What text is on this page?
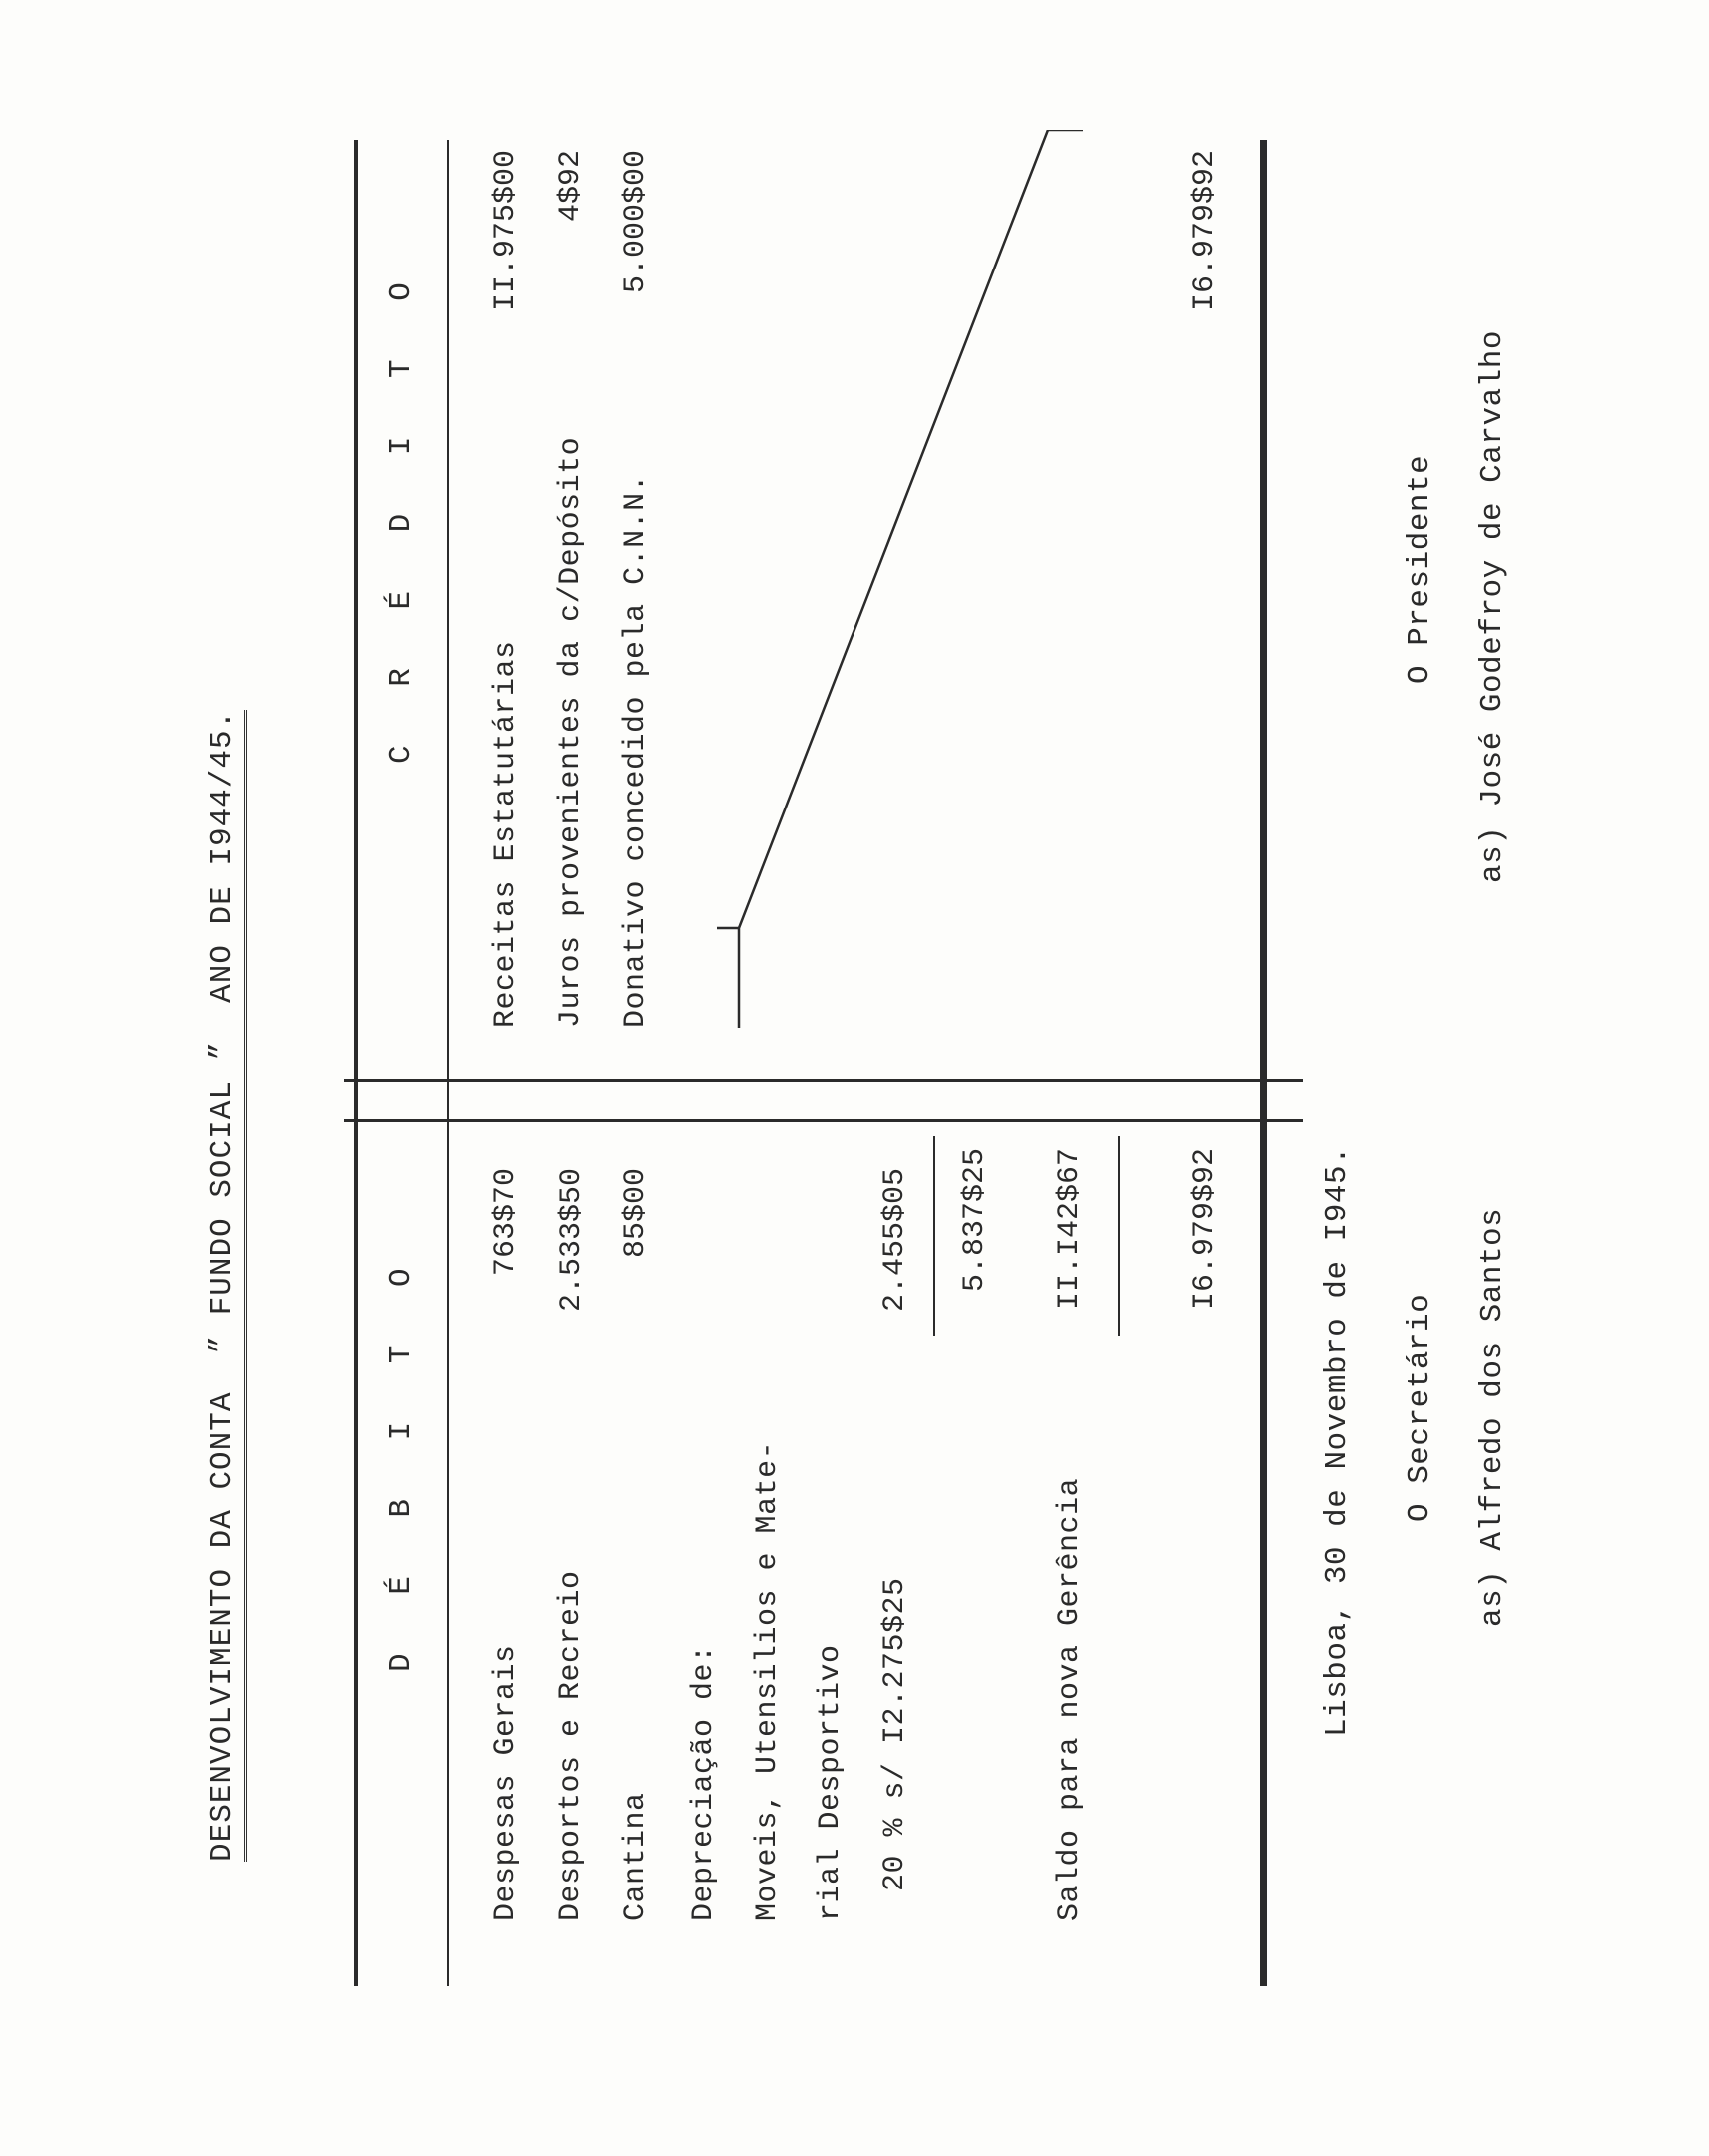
DESENVOLVIMENTO DA CONTA
” FUNDO SOCIAL ”
ANO DE I944/45.
D É B I T O
Despesas Gerais
763$70
Desportos e Recreio
2.533$50
Cantina
85$00
Depreciação de: Moveis, Utensilios e Mate- rial Desportivo 20 % s/ I2.275$25
2.455$05 5.837$25
Saldo para nova Gerência
II.I42$67	I6.979$92
C R É D I T O
Receitas Estatutárias
II.975$00
Juros provenientes da c/Depósito
4$92
Donativo concedido pela C.N.N.
5.000$00	I6.979$92
Lisboa, 30 de Novembro de I945. O Secretário as) Alfredo dos Santos
O Presidente as) José Godefroy de Carvalho
